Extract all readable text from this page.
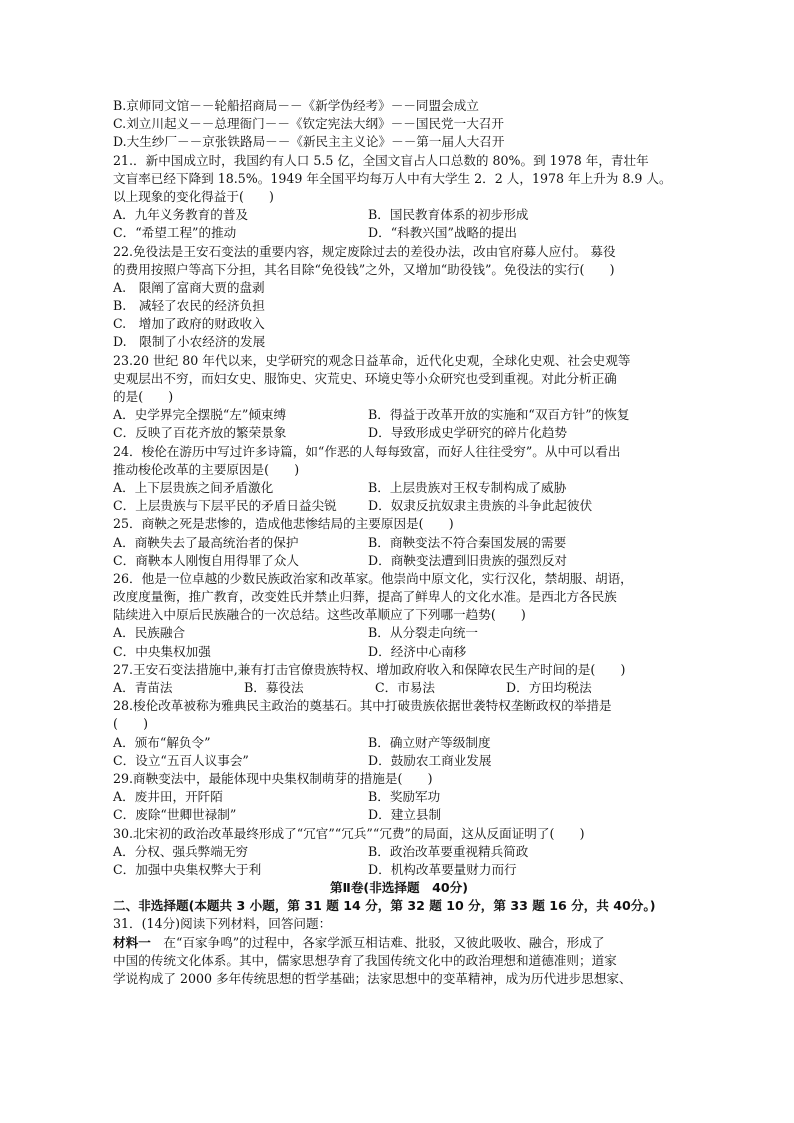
B.京师同文馆－－轮船招商局－－《新学伪经考》－－同盟会成立
C.刘立川起义－－总理衙门－－《钦定宪法大纲》－－国民党一大召开
D.大生纱厂－－京张铁路局－－《新民主主义论》－－第一届人大召开
21.．新中国成立时，我国约有人口 5.5 亿，全国文盲占人口总数的 80%。到 1978 年，青壮年
文盲率已经下降到 18.5%。1949 年全国平均每万人中有大学生 2．2 人，1978 年上升为 8.9 人。
以上现象的变化得益于(　　)
A．九年义务教育的普及	B．国民教育体系的初步形成
C．“希望工程”的推动	D．“科教兴国”战略的提出
22.免役法是王安石变法的重要内容，规定废除过去的差役办法，改由官府募人应付。 募役
的费用按照户等高下分担，其名目除“免役钱”之外，又增加“助役钱”。免役法的实行(　　)
A.　限阐了富商大贾的盘剥
B.　减轻了农民的经济负担
C.　增加了政府的财政收入
D.　限制了小农经济的发展
23.20 世纪 80 年代以来，史学研究的观念日益革命，近代化史观，全球化史观、社会史观等
史观层出不穷，而妇女史、服饰史、灾荒史、环境史等小众研究也受到重视。对此分析正确
的是(　　)
A．史学界完全摆脱“左”倾束缚	B．得益于改革开放的实施和“双百方针”的恢复
C．反映了百花齐放的繁荣景象	D．导致形成史学研究的碎片化趋势
24．梭伦在游历中写过许多诗篇，如“作恶的人每每致富，而好人往往受穷”。从中可以看出
推动梭伦改革的主要原因是(　　)
A．上下层贵族之间矛盾激化	B．上层贵族对王权专制构成了威胁
C．上层贵族与下层平民的矛盾日益尖锐	D．奴隶反抗奴隶主贵族的斗争此起彼伏
25．商鞅之死是悲惨的，造成他悲惨结局的主要原因是(　　)
A．商鞅失去了最高统治者的保护	B．商鞅变法不符合秦国发展的需要
C．商鞅本人刚愎自用得罪了众人	D．商鞅变法遭到旧贵族的强烈反对
26．他是一位卓越的少数民族政治家和改革家。他崇尚中原文化，实行汉化，禁胡服、胡语，
改度度量衡，推广教育，改变姓氏并禁止归葬，提高了鲜卑人的文化水准。是西北方各民族
陆续进入中原后民族融合的一次总结。这些改革顺应了下列哪一趋势(　　)
A．民族融合	B．从分裂走向统一
C．中央集权加强	D．经济中心南移
27.王安石变法措施中,兼有打击官僚贵族特权、增加政府收入和保障农民生产时间的是(　　)
A．青苗法	B．募役法	C．市易法	D．方田均税法
28.梭伦改革被称为雅典民主政治的奠基石。其中打破贵族依据世袭特权垄断政权的举措是
(　　)
A．颁布“解负令”	B．确立财产等级制度
C．设立“五百人议事会”	D．鼓励农工商业发展
29.商鞅变法中，最能体现中央集权制萌芽的措施是(　　)
A．废井田，开阡陌	B．奖励军功
C．废除“世卿世禄制”	D．建立县制
30.北宋初的政治改革最终形成了“冗官”“冗兵”“冗费”的局面，这从反面证明了(　　)
A．分权、强兵弊端无穷	B．政治改革要重视精兵简政
C．加强中央集权弊大于利	D．机构改革要量财力而行
第Ⅱ卷(非选择题　40分)
二、非选择题(本题共 3 小题，第 31 题 14 分，第 32 题 10 分，第 33 题 16 分，共 40分。)
31．(14分)阅读下列材料，回答问题：
材料一　在“百家争鸣”的过程中，各家学派互相诘难、批驳，又彼此吸收、融合，形成了
中国的传统文化体系。其中，儒家思想孕育了我国传统文化中的政治理想和道德准则；道家
学说构成了 2000 多年传统思想的哲学基础；法家思想中的变革精神，成为历代进步思想家、
